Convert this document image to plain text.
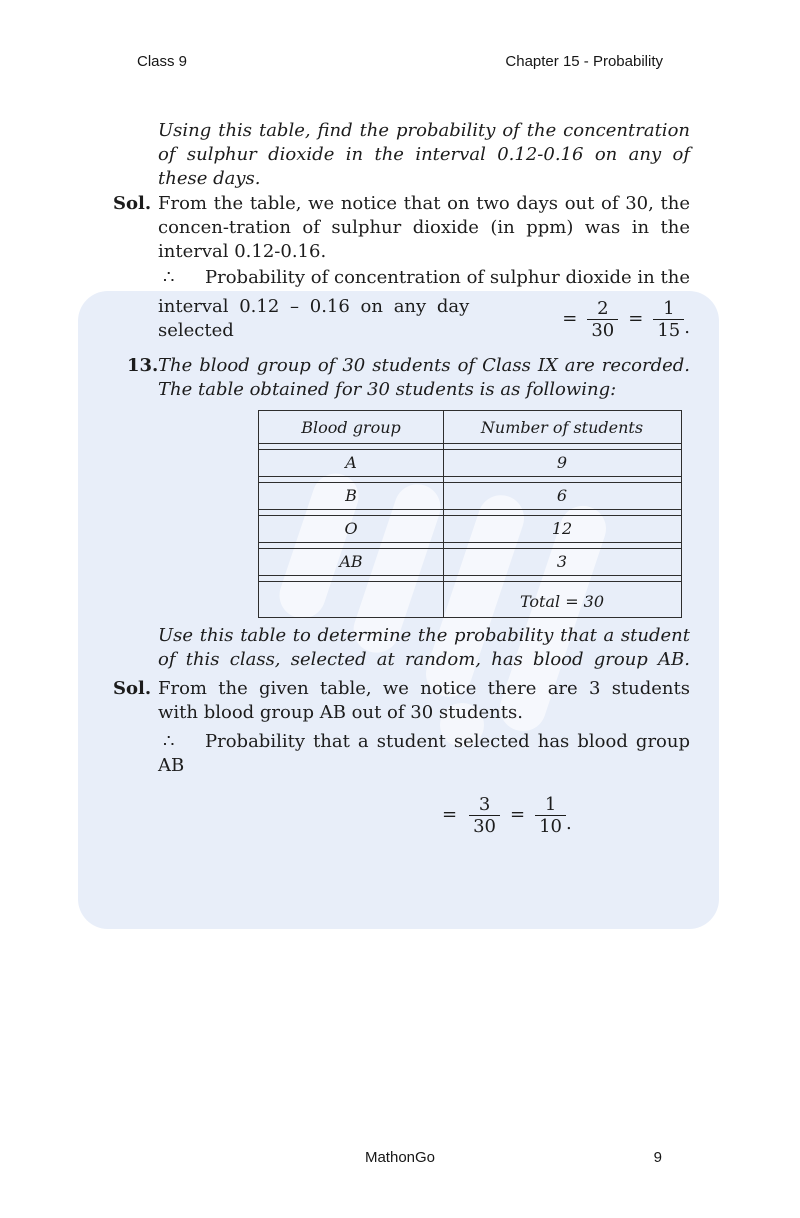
Class 9	Chapter 15 - Probability
Using this table, find the probability of the concentration
of sulphur dioxide in the interval 0.12-0.16 on any of
these days.
Sol. From the table, we notice that on two days out of 30, the
concen-tration of sulphur dioxide (in ppm) was in the
interval 0.12-0.16.
∴	Probability of concentration of sulphur dioxide in the
interval 0.12 – 0.16 on any day selected
= $\frac{2}{30} = \frac{1}{15}$ .
13. The blood group of 30 students of Class IX are recorded.
The table obtained for 30 students is as following:
Blood group	Number of students
A	9
B	6
O	12
AB	3
Total = 30
Use this table to determine the probability that a student
of this class, selected at random, has blood group AB.
Sol. From the given table, we notice there are 3 students
with blood group AB out of 30 students.
∴	Probability that a student selected has blood group
AB
= $\frac{3}{30} = \frac{1}{10}$ .
MathonGo	9
